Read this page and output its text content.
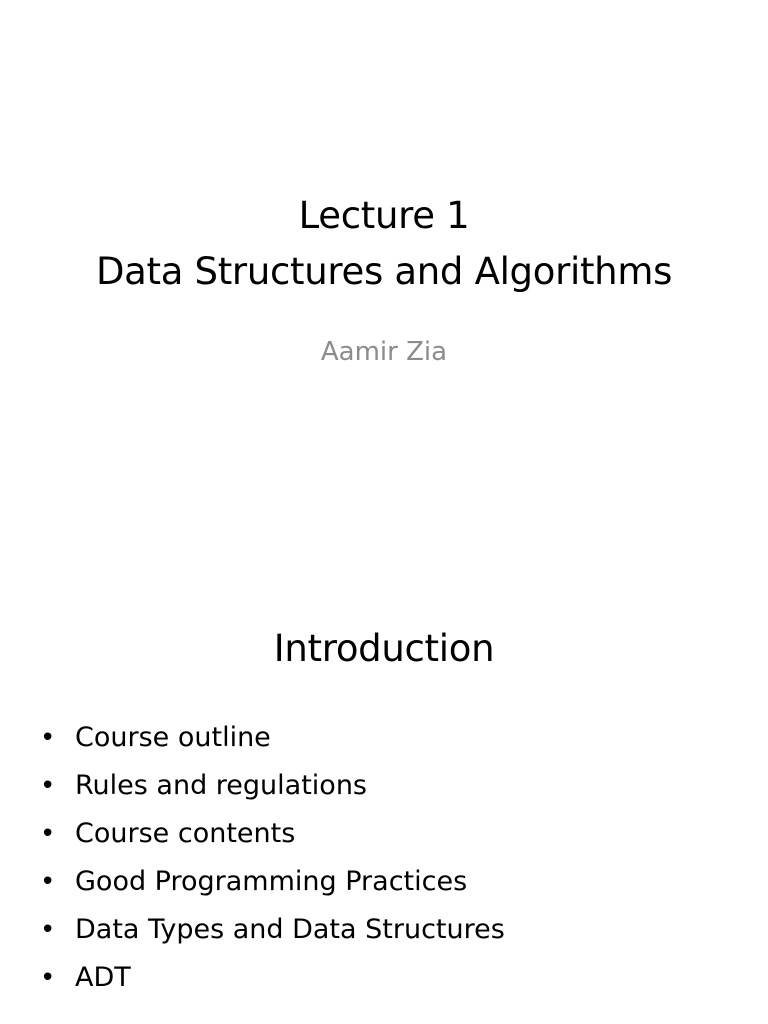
Lecture 1
Data Structures and Algorithms
Aamir Zia
Introduction
• Course outline
• Rules and regulations
• Course contents
• Good Programming Practices
• Data Types and Data Structures
• ADT
